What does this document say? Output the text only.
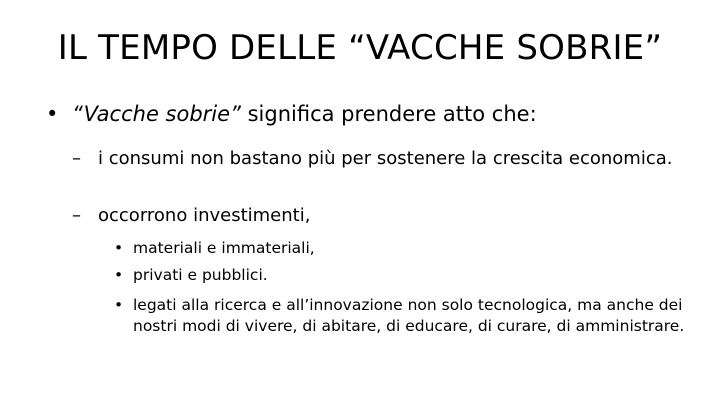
IL TEMPO DELLE “VACCHE SOBRIE”
• “Vacche sobrie” significa prendere atto che:
– i consumi non bastano più per sostenere la crescita economica.
– occorrono investimenti,
• materiali e immateriali,
• privati e pubblici.
• legati alla ricerca e all’innovazione non solo tecnologica, ma anche dei nostri modi di vivere, di abitare, di educare, di curare, di amministrare.
